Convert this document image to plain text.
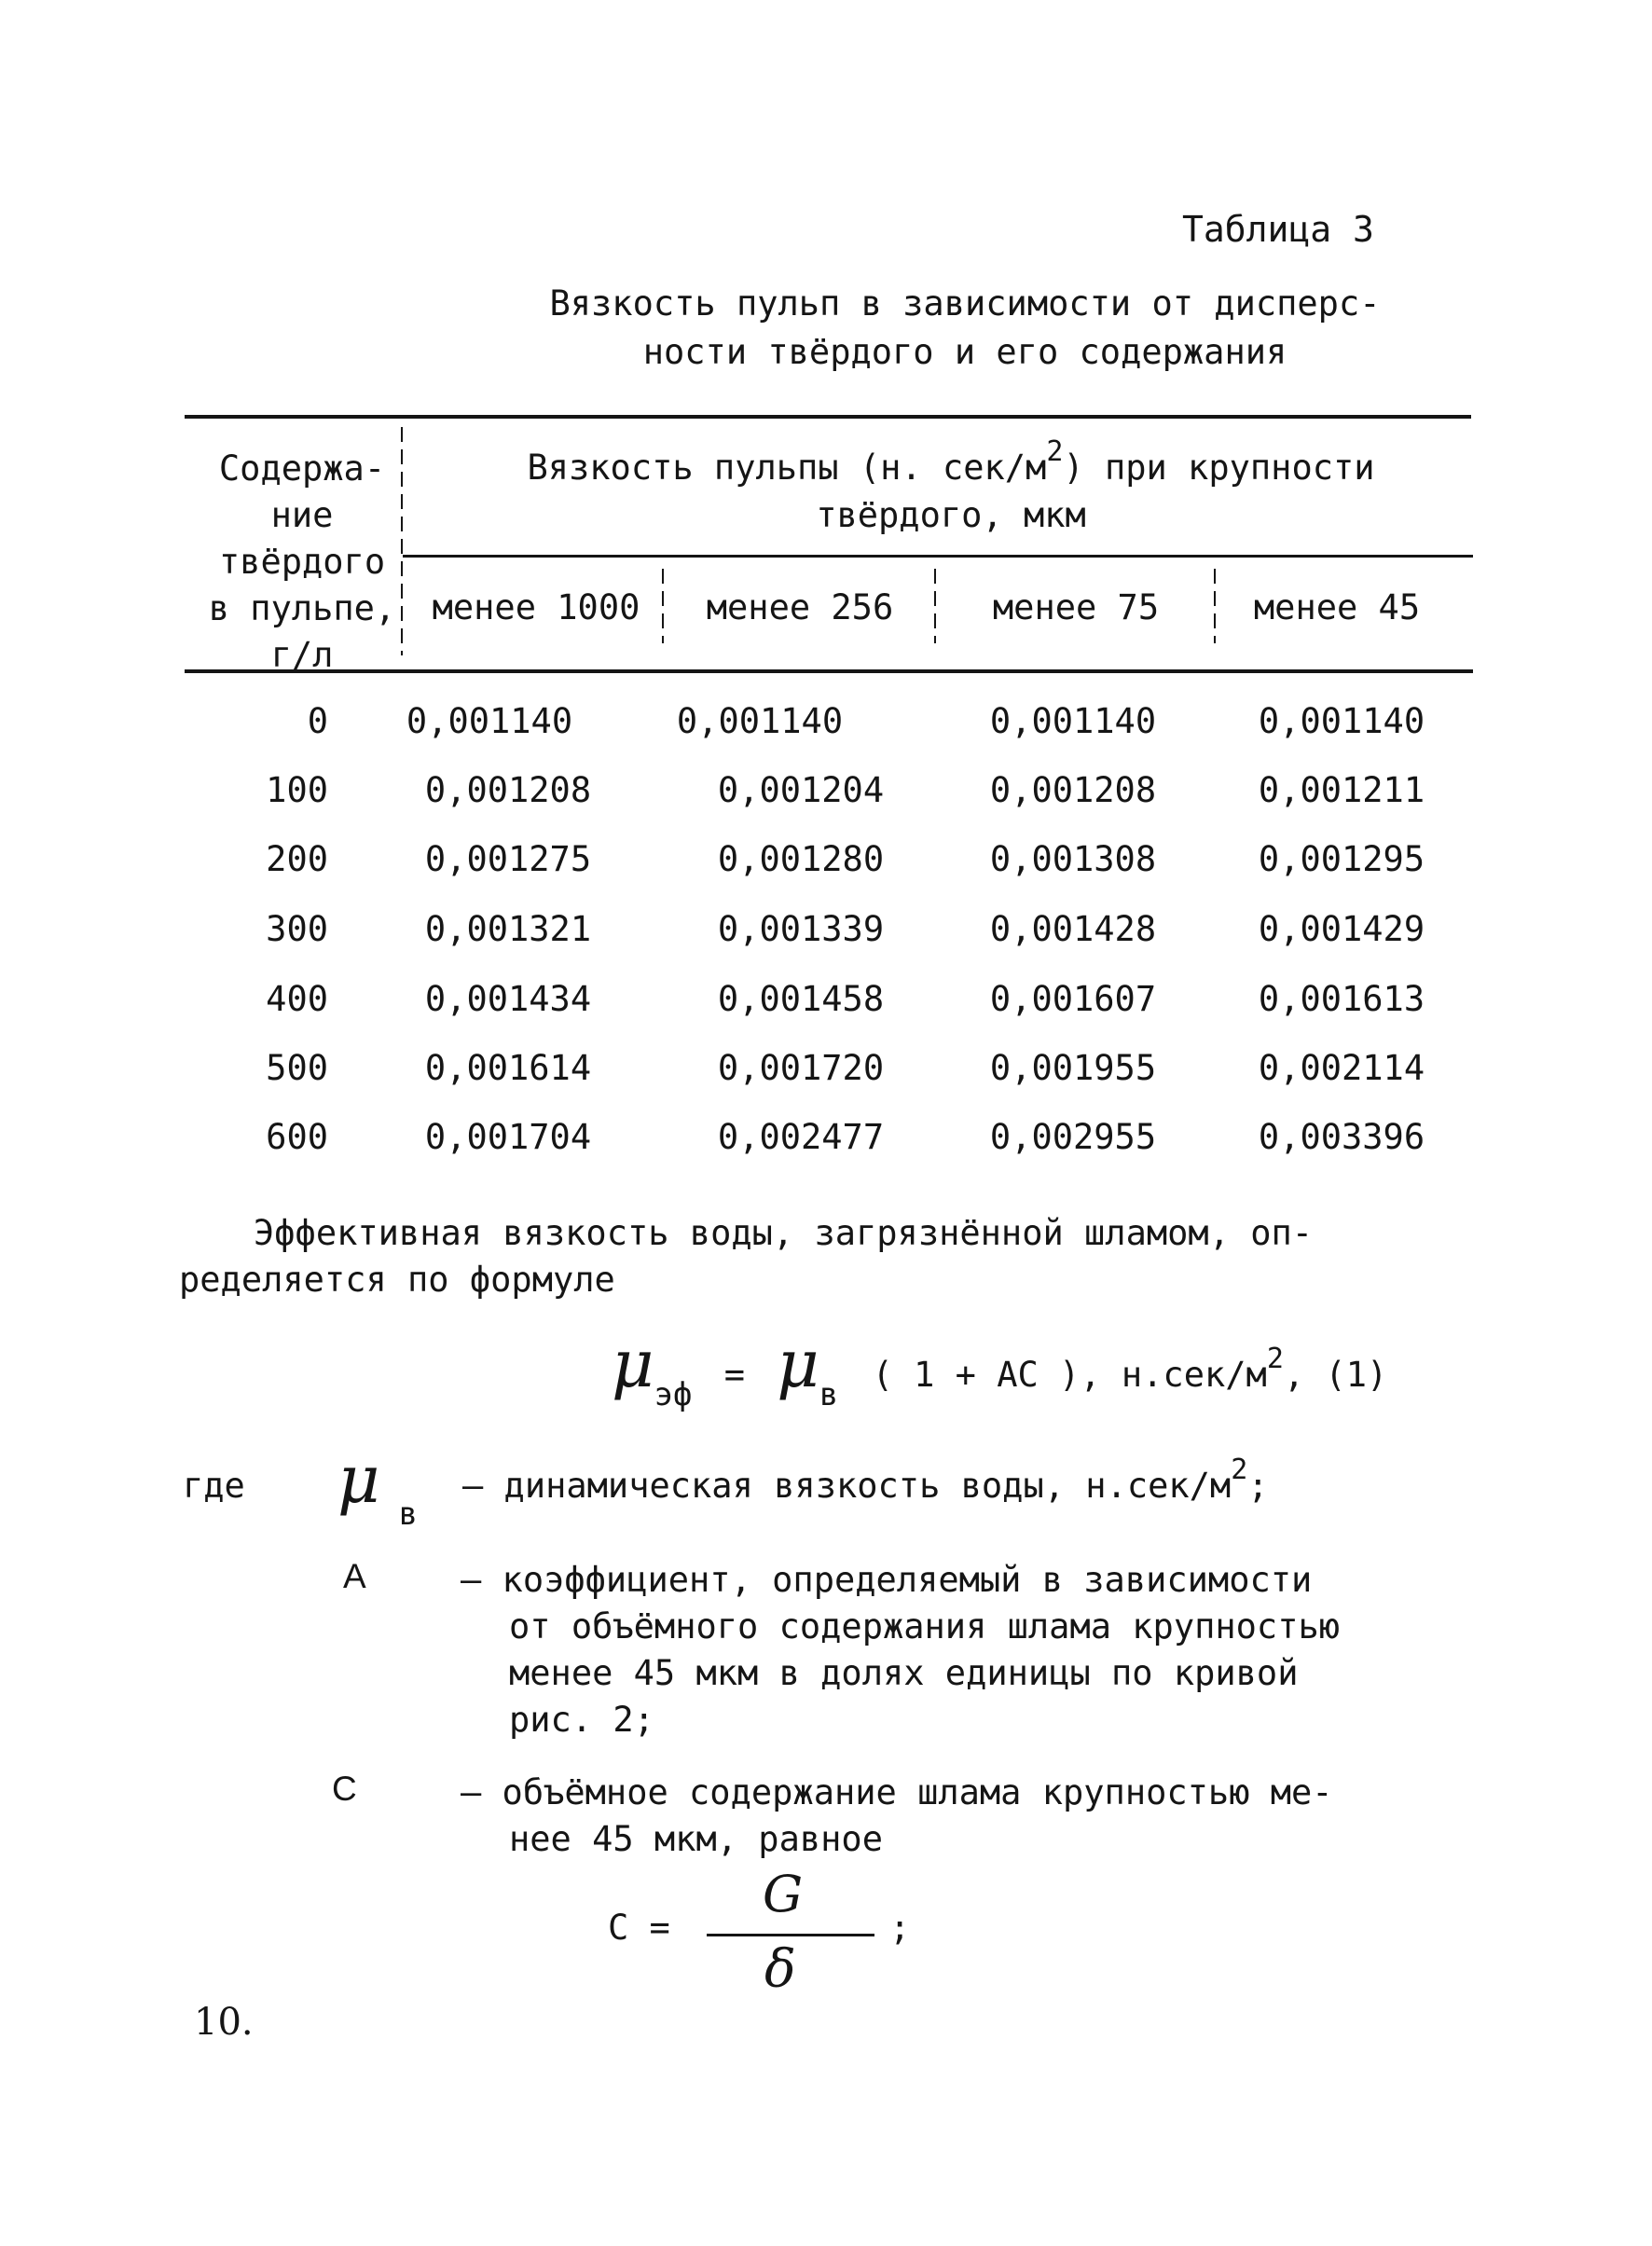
Таблица 3
Вязкость пульп в зависимости от дисперс-
ности твёрдого и его содержания
Содержа-
ние
твёрдого
в пульпе,
г/л
Вязкость пульпы (н. сек/$м^2$) при крупности
твёрдого, мкм
менее 1000	менее 256	менее 75	менее 45
0	0,001140	0,001140	0,001140	0,001140
100	0,001208	0,001204	0,001208	0,001211
200	0,001275	0,001280	0,001308	0,001295
300	0,001321	0,001339	0,001428	0,001429
400	0,001434	0,001458	0,001607	0,001613
500	0,001614	0,001720	0,001955	0,002114
600	0,001704	0,002477	0,002955	0,003396
Эффективная вязкость воды, загрязнённой шламом, оп-
ределяется по формуле
μэф = μв ( 1 + AC ), $н.сек/м^2$, (1)
где μв
– динамическая вязкость воды, $н.сек/м^2$;
А	– коэффициент, определяемый в зависимости
от объёмного содержания шлама крупностью
менее 45 мкм в долях единицы по кривой
рис. 2;
С	– объёмное содержание шлама крупностью ме-
нее 45 мкм, равное
С =
G
δ
;
10.
